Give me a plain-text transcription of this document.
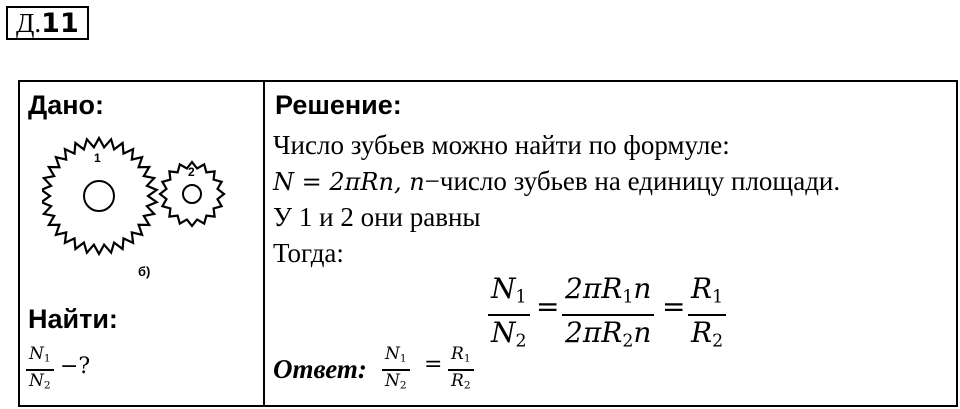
Д.11
Дано:
1
2
б)
Найти:
$N_1$
$N_2$
−?
Решение:
Число зубьев можно найти по формуле:
N = 2πRn, n−число зубьев на единицу площади.
У 1 и 2 они равны
Тогда:
$N_1$
$N_2$
=
$2\pi R_1n$
$2\pi R_2n$
=
$R_1$
$R_2$
Ответ: $N_1$
$N_2$
= $R_1$
$R_2$
